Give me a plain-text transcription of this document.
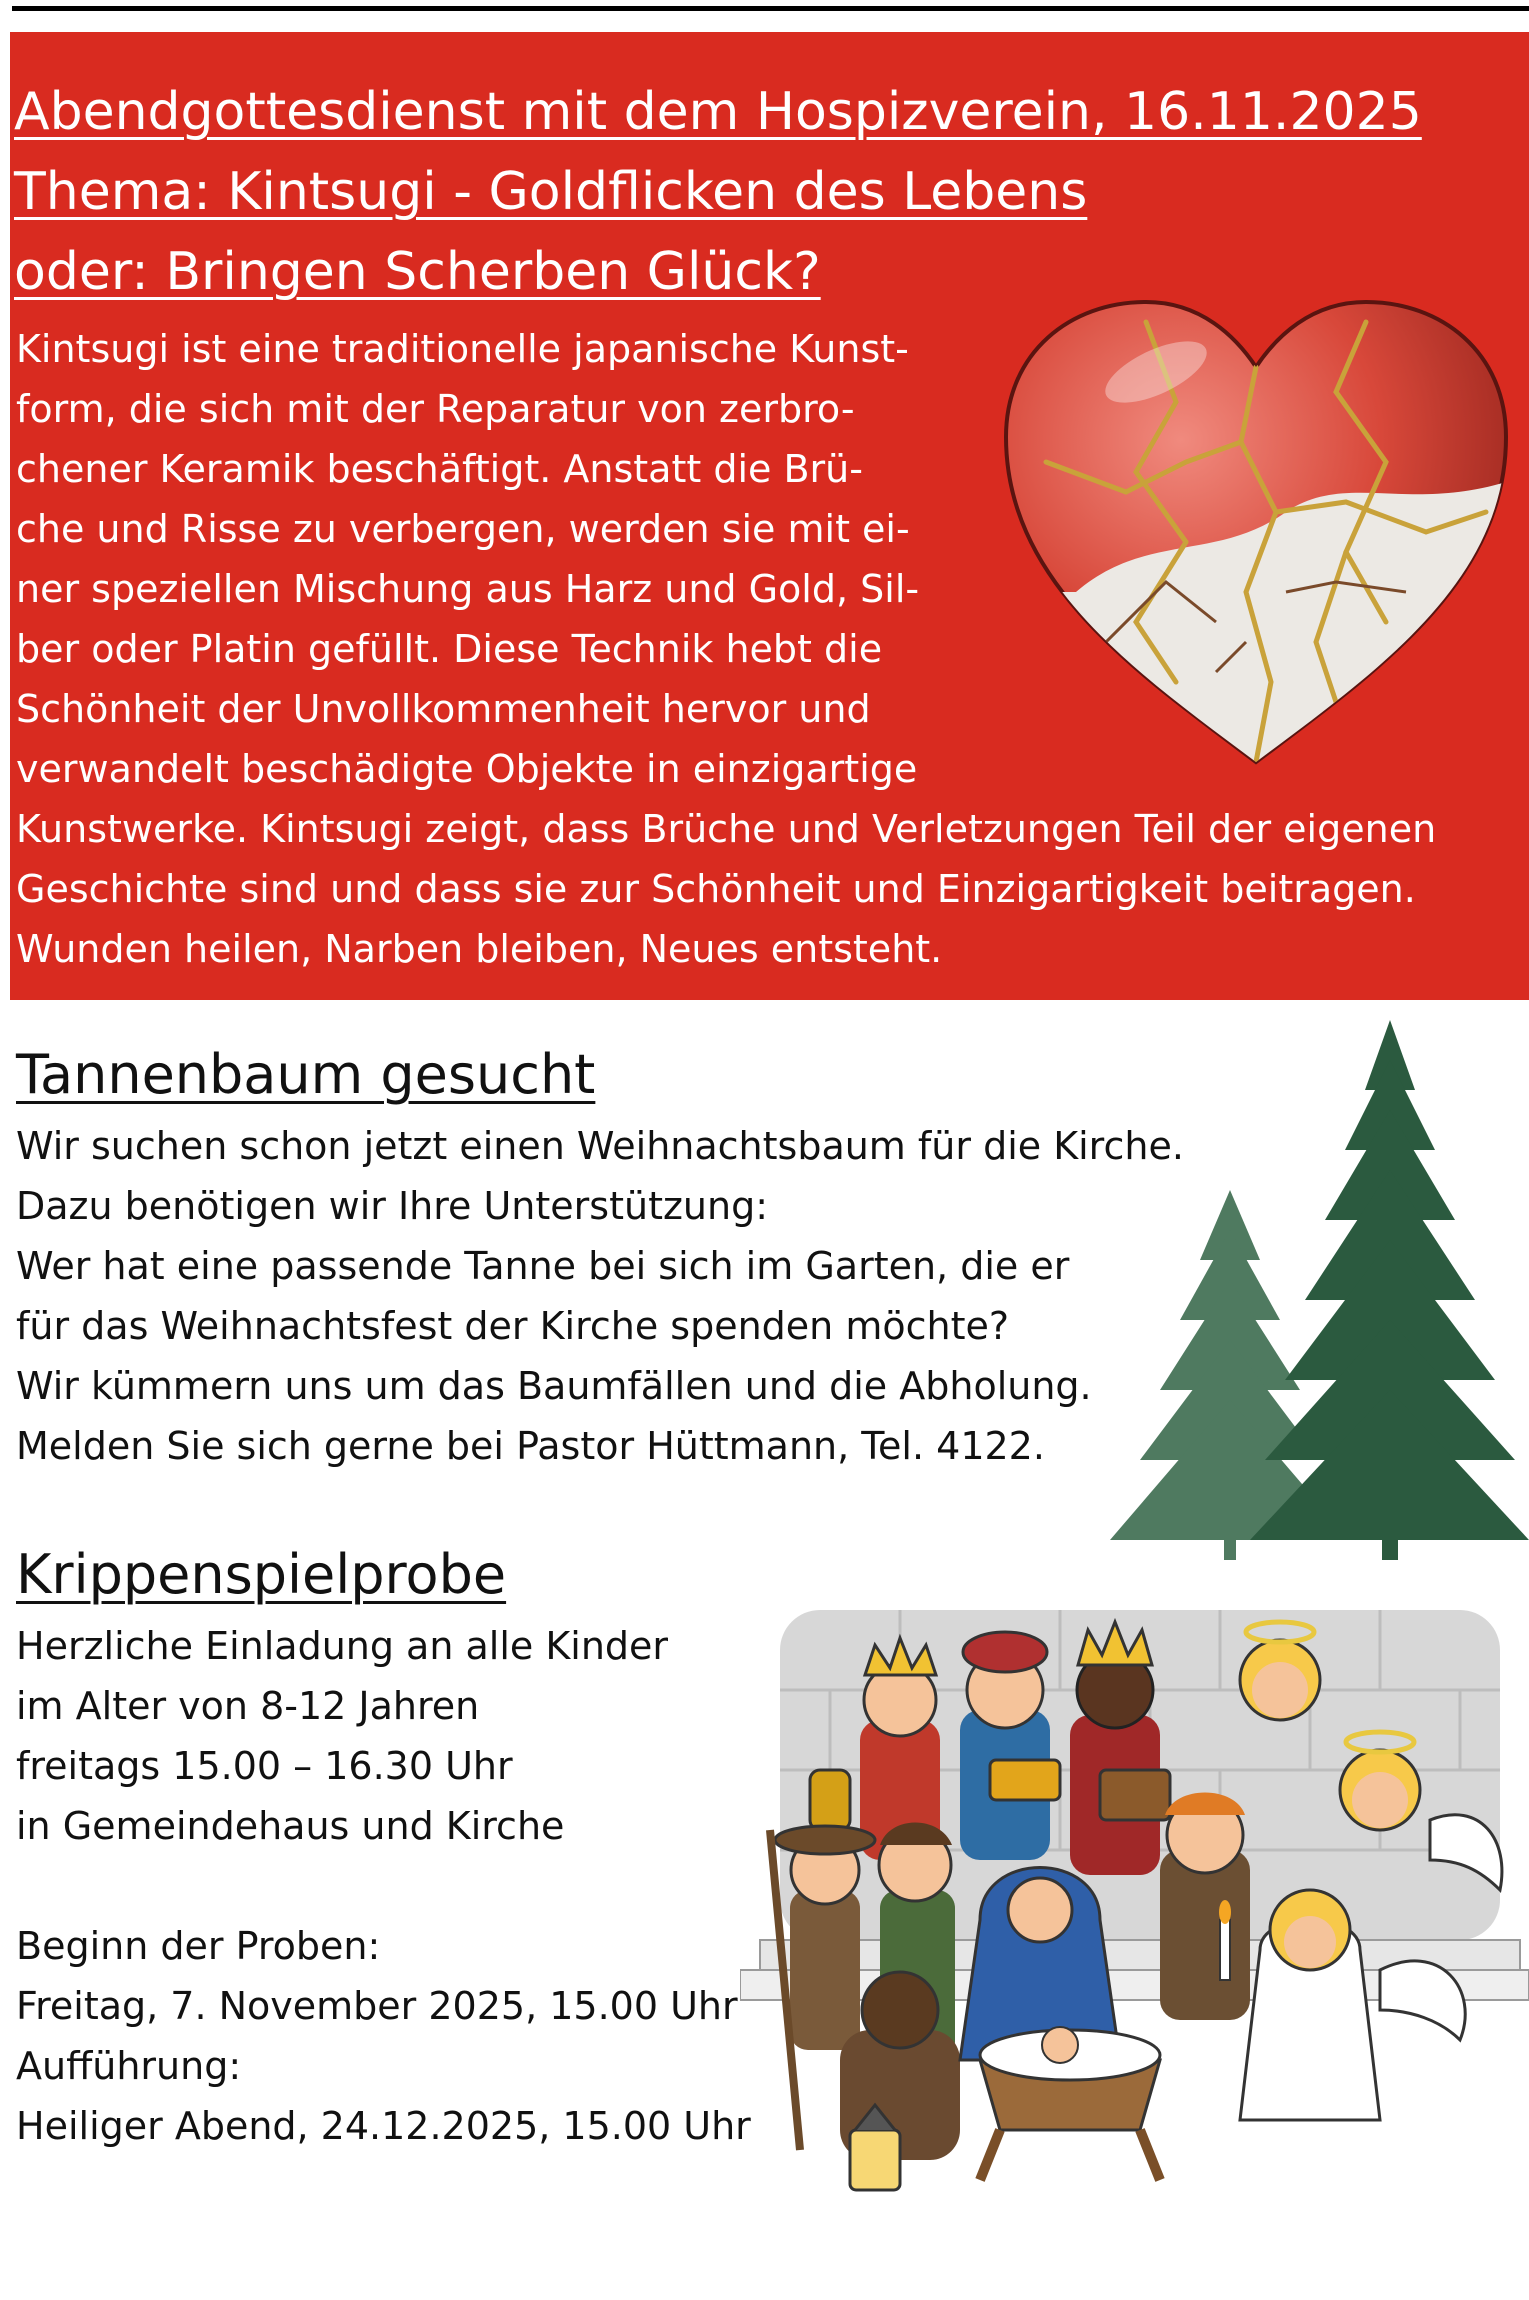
Abendgottesdienst mit dem Hospizverein, 16.11.2025
Thema: Kintsugi - Goldflicken des Lebens
oder: Bringen Scherben Glück?
Kintsugi ist eine traditionelle japanische Kunst-
form, die sich mit der Reparatur von zerbro-
chener Keramik beschäftigt. Anstatt die Brü-
che und Risse zu verbergen, werden sie mit ei-
ner speziellen Mischung aus Harz und Gold, Sil-
ber oder Platin gefüllt. Diese Technik hebt die
Schönheit der Unvollkommenheit hervor und
verwandelt beschädigte Objekte in einzigartige
Kunstwerke. Kintsugi zeigt, dass Brüche und Verletzungen Teil der eigenen
Geschichte sind und dass sie zur Schönheit und Einzigartigkeit beitragen.
Wunden heilen, Narben bleiben, Neues entsteht.
Tannenbaum gesucht
Wir suchen schon jetzt einen Weihnachtsbaum für die Kirche.
Dazu benötigen wir Ihre Unterstützung:
Wer hat eine passende Tanne bei sich im Garten, die er
für das Weihnachtsfest der Kirche spenden möchte?
Wir kümmern uns um das Baumfällen und die Abholung.
Melden Sie sich gerne bei Pastor Hüttmann, Tel. 4122.
Krippenspielprobe
Herzliche Einladung an alle Kinder
im Alter von 8-12 Jahren
freitags 15.00 – 16.30 Uhr
in Gemeindehaus und Kirche
Beginn der Proben:
Freitag, 7. November 2025, 15.00 Uhr
Aufführung:
Heiliger Abend, 24.12.2025, 15.00 Uhr
